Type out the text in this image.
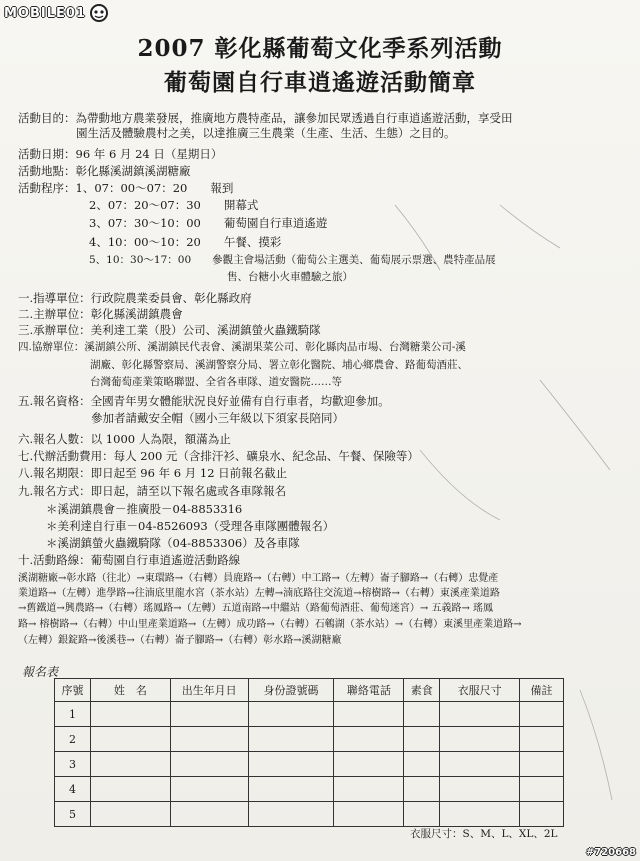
MOBILE01
2007 彰化縣葡萄文化季系列活動
葡萄園自行車逍遙遊活動簡章
活動目的：為帶動地方農業發展，推廣地方農特產品，讓參加民眾透過自行車逍遙遊活動，享受田
園生活及體驗農村之美，以達推廣三生農業（生產、生活、生態）之目的。
活動日期：96 年 6 月 24 日（星期日）
活動地點：彰化縣溪湖鎮溪湖糖廠
活動程序：1、07：00～07：20　　報到
2、07：20～07：30　　開幕式
3、07：30～10：00　　葡萄園自行車逍遙遊
4、10：00～10：20　　午餐、摸彩
5、10：30～17：00　　參觀主會場活動（葡萄公主選美、葡萄展示票選、農特產品展
售、台糖小火車體驗之旅）
一.指導單位：行政院農業委員會、彰化縣政府
二.主辦單位：彰化縣溪湖鎮農會
三.承辦單位：美利達工業（股）公司、溪湖鎮螢火蟲鐵騎隊
四.協辦單位：溪湖鎮公所、溪湖鎮民代表會、溪湖果菜公司、彰化縣肉品市場、台灣糖業公司-溪
湖廠、彰化縣警察局、溪湖警察分局、署立彰化醫院、埔心鄉農會、路葡萄酒莊、
台灣葡萄產業策略聯盟、全省各車隊、道安醫院……等
五.報名資格：全國青年男女體能狀況良好並備有自行車者，均歡迎參加。
參加者請戴安全帽（國小三年級以下須家長陪同）
六.報名人數：以 1000 人為限，額滿為止
七.代辦活動費用：每人 200 元（含排汗衫、礦泉水、紀念品、午餐、保險等）
八.報名期限：即日起至 96 年 6 月 12 日前報名截止
九.報名方式：即日起，請至以下報名處或各車隊報名
＊溪湖鎮農會－推廣股－04-8853316
＊美利達自行車－04-8526093（受理各車隊團體報名）
＊溪湖鎮螢火蟲鐵騎隊（04-8853306）及各車隊
十.活動路線：葡萄園自行車逍遙遊活動路線
溪湖糖廠→彰水路（往北）→東環路→（右轉）員鹿路→（右轉）中工路→（左轉）崙子腳路→（右轉）忠覺產
業道路→（左轉）進學路→往湳底里龍水宮（茶水站）左轉→湳底路往交流道→榕樹路→（右轉）東溪產業道路
→舊鐵道→興農路→（右轉）瑤鳳路→（左轉）五道南路→中繼站（路葡萄酒莊、葡萄迷宮）→ 五義路→ 瑤鳳
路→ 榕樹路→（右轉）中山里產業道路→（左轉）成功路→（右轉）石鵪湖（茶水站）→（右轉）東溪里產業道路→
（左轉）銀錠路→後溪巷→（右轉）崙子腳路→（右轉）彰水路→溪湖糖廠
報名表
序號	姓　名	出生年月日	身份證號碼	聯絡電話	素食	衣服尺寸	備註
1							
2							
3							
4							
5							
衣服尺寸：S、M、L、XL、2L
#720668
